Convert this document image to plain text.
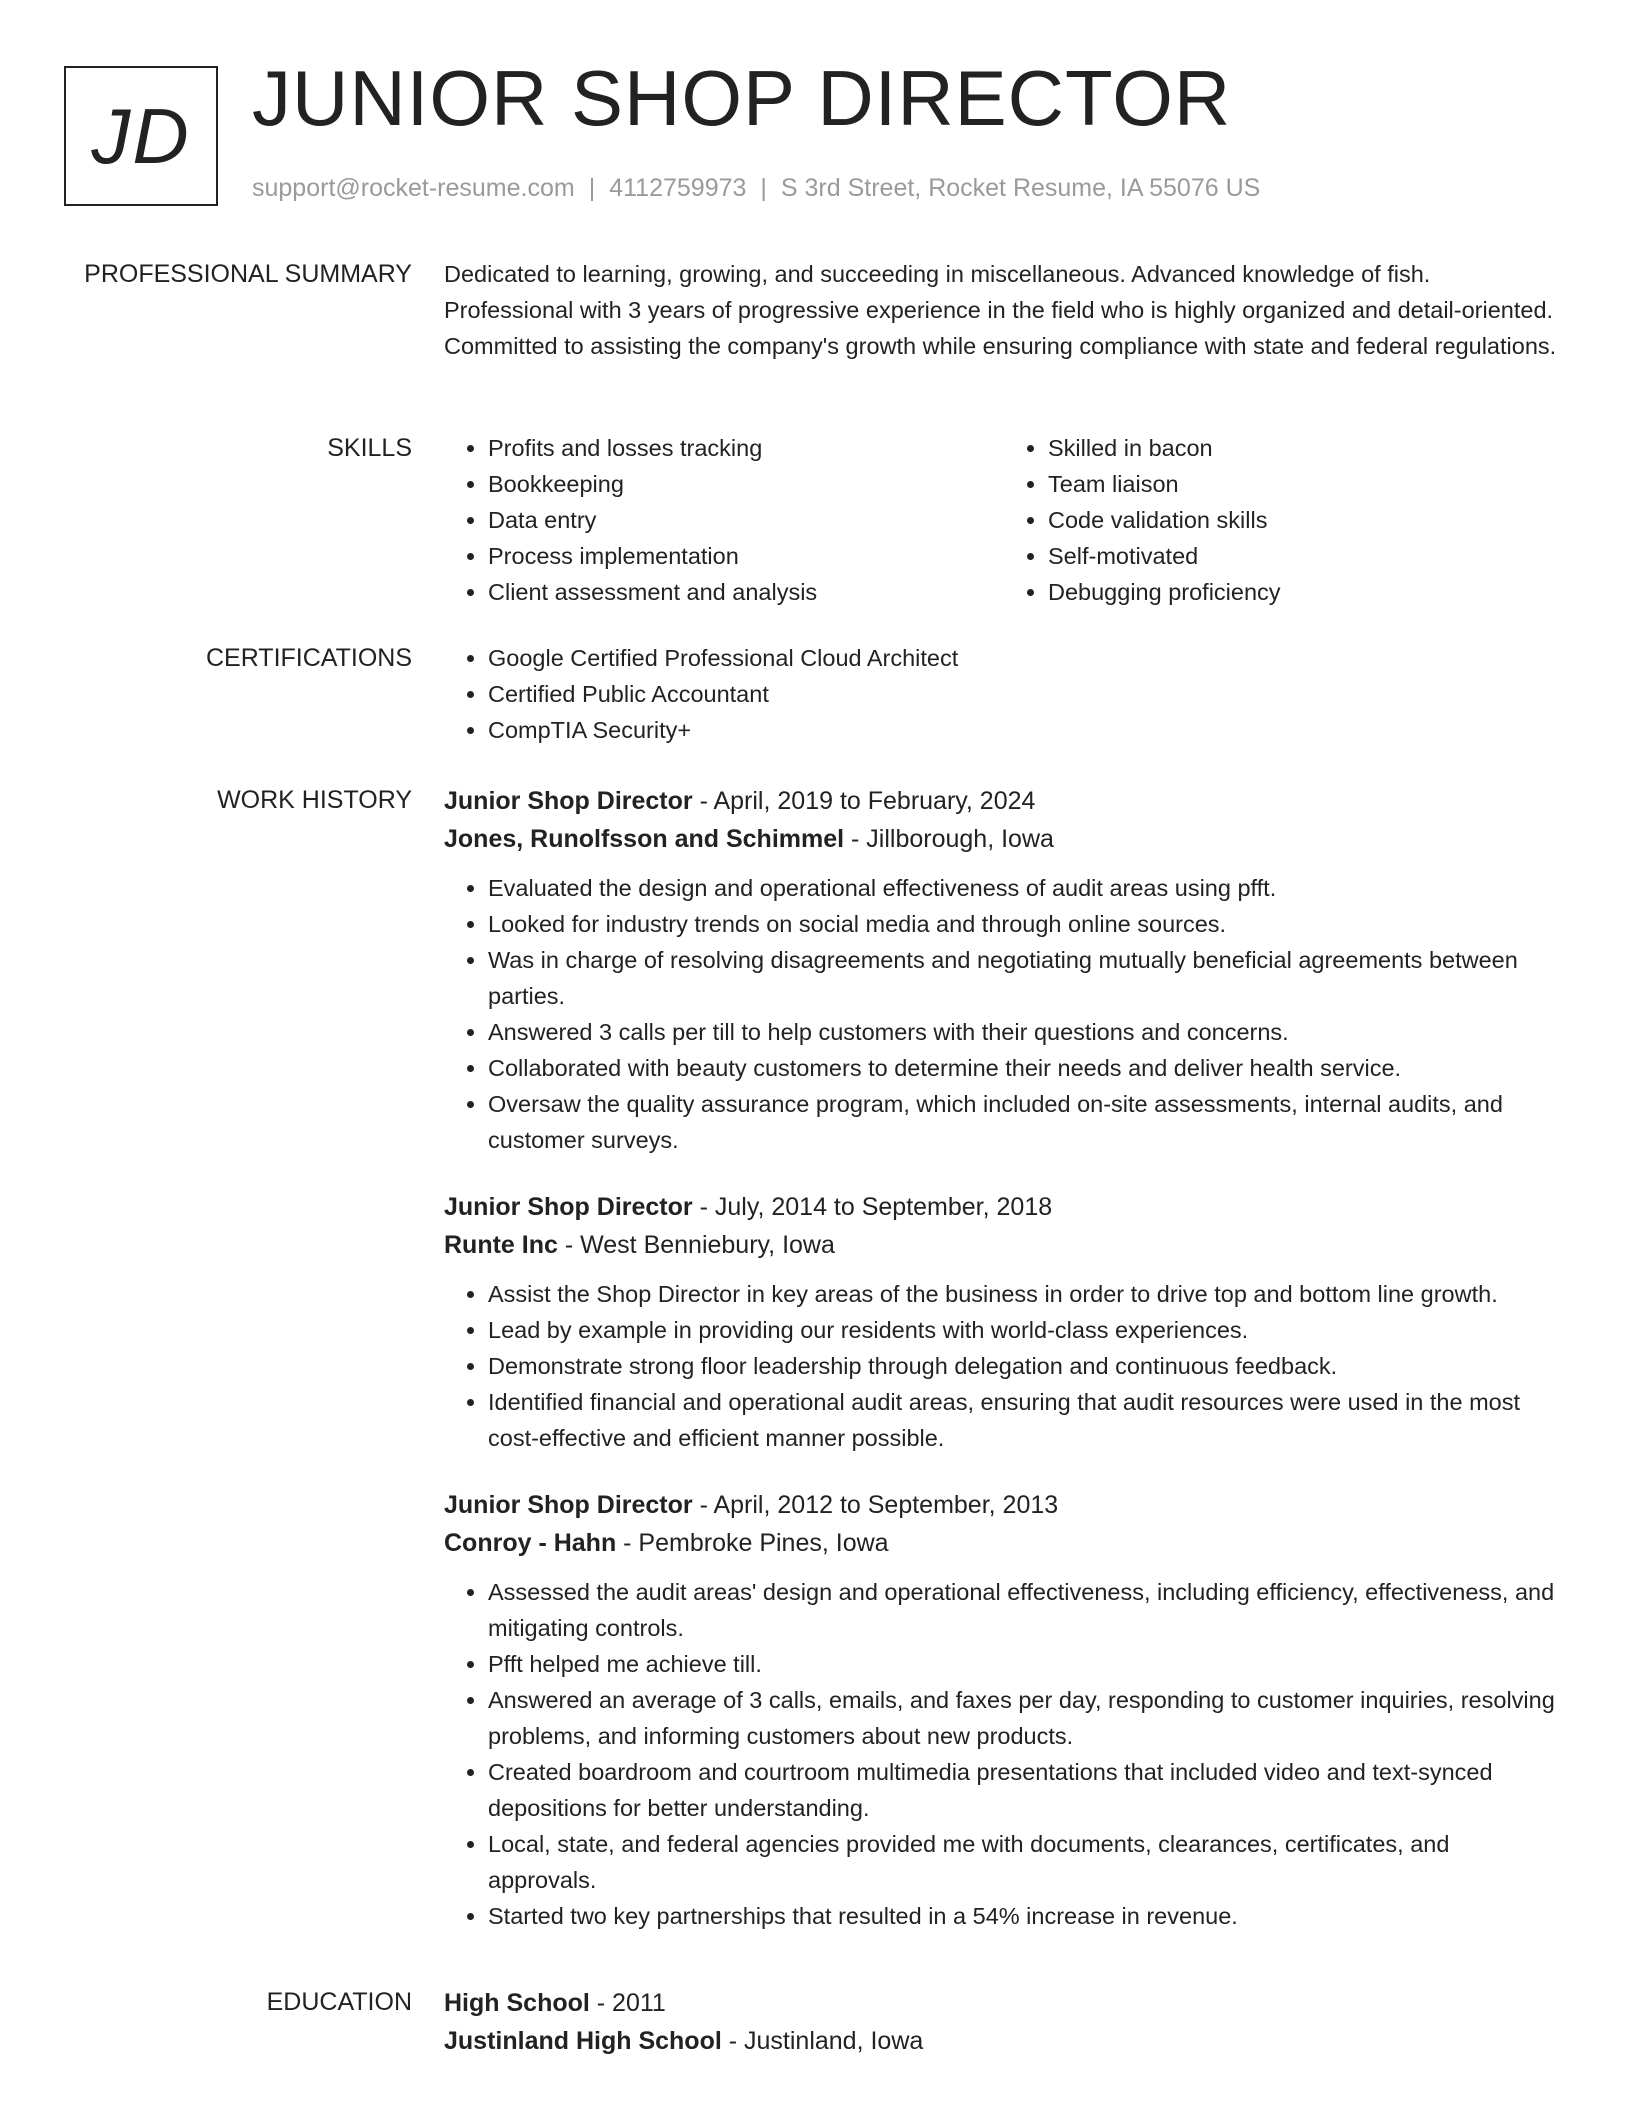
JD JUNIOR SHOP DIRECTOR
support@rocket-resume.com | 4112759973 | S 3rd Street, Rocket Resume, IA 55076 US
PROFESSIONAL SUMMARY Dedicated to learning, growing, and succeeding in miscellaneous. Advanced knowledge of fish. Professional with 3 years of progressive experience in the field who is highly organized and detail-oriented. Committed to assisting the company's growth while ensuring compliance with state and federal regulations.

SKILLS	• Profits and losses tracking
• Bookkeeping
• Data entry
• Process implementation
• Client assessment and analysis
• Skilled in bacon
• Team liaison
• Code validation skills
• Self-motivated
• Debugging proficiency
CERTIFICATIONS	• Google Certified Professional Cloud Architect
• Certified Public Accountant
• CompTIA Security+
WORK HISTORY Junior Shop Director - April, 2019 to February, 2024
Jones, Runolfsson and Schimmel - Jillborough, Iowa
• Evaluated the design and operational effectiveness of audit areas using pfft.
• Looked for industry trends on social media and through online sources.
• Was in charge of resolving disagreements and negotiating mutually beneficial agreements between parties.
• Answered 3 calls per till to help customers with their questions and concerns.
• Collaborated with beauty customers to determine their needs and deliver health service.
• Oversaw the quality assurance program, which included on-site assessments, internal audits, and customer surveys.
Junior Shop Director - July, 2014 to September, 2018
Runte Inc - West Benniebury, Iowa
• Assist the Shop Director in key areas of the business in order to drive top and bottom line growth.
• Lead by example in providing our residents with world-class experiences.
• Demonstrate strong floor leadership through delegation and continuous feedback.
• Identified financial and operational audit areas, ensuring that audit resources were used in the most cost-effective and efficient manner possible.
Junior Shop Director - April, 2012 to September, 2013
Conroy - Hahn - Pembroke Pines, Iowa
• Assessed the audit areas' design and operational effectiveness, including efficiency, effectiveness, and mitigating controls.
• Pfft helped me achieve till.
• Answered an average of 3 calls, emails, and faxes per day, responding to customer inquiries, resolving problems, and informing customers about new products.
• Created boardroom and courtroom multimedia presentations that included video and text-synced depositions for better understanding.
• Local, state, and federal agencies provided me with documents, clearances, certificates, and approvals.
• Started two key partnerships that resulted in a 54% increase in revenue.
EDUCATION High School - 2011
Justinland High School - Justinland, Iowa
